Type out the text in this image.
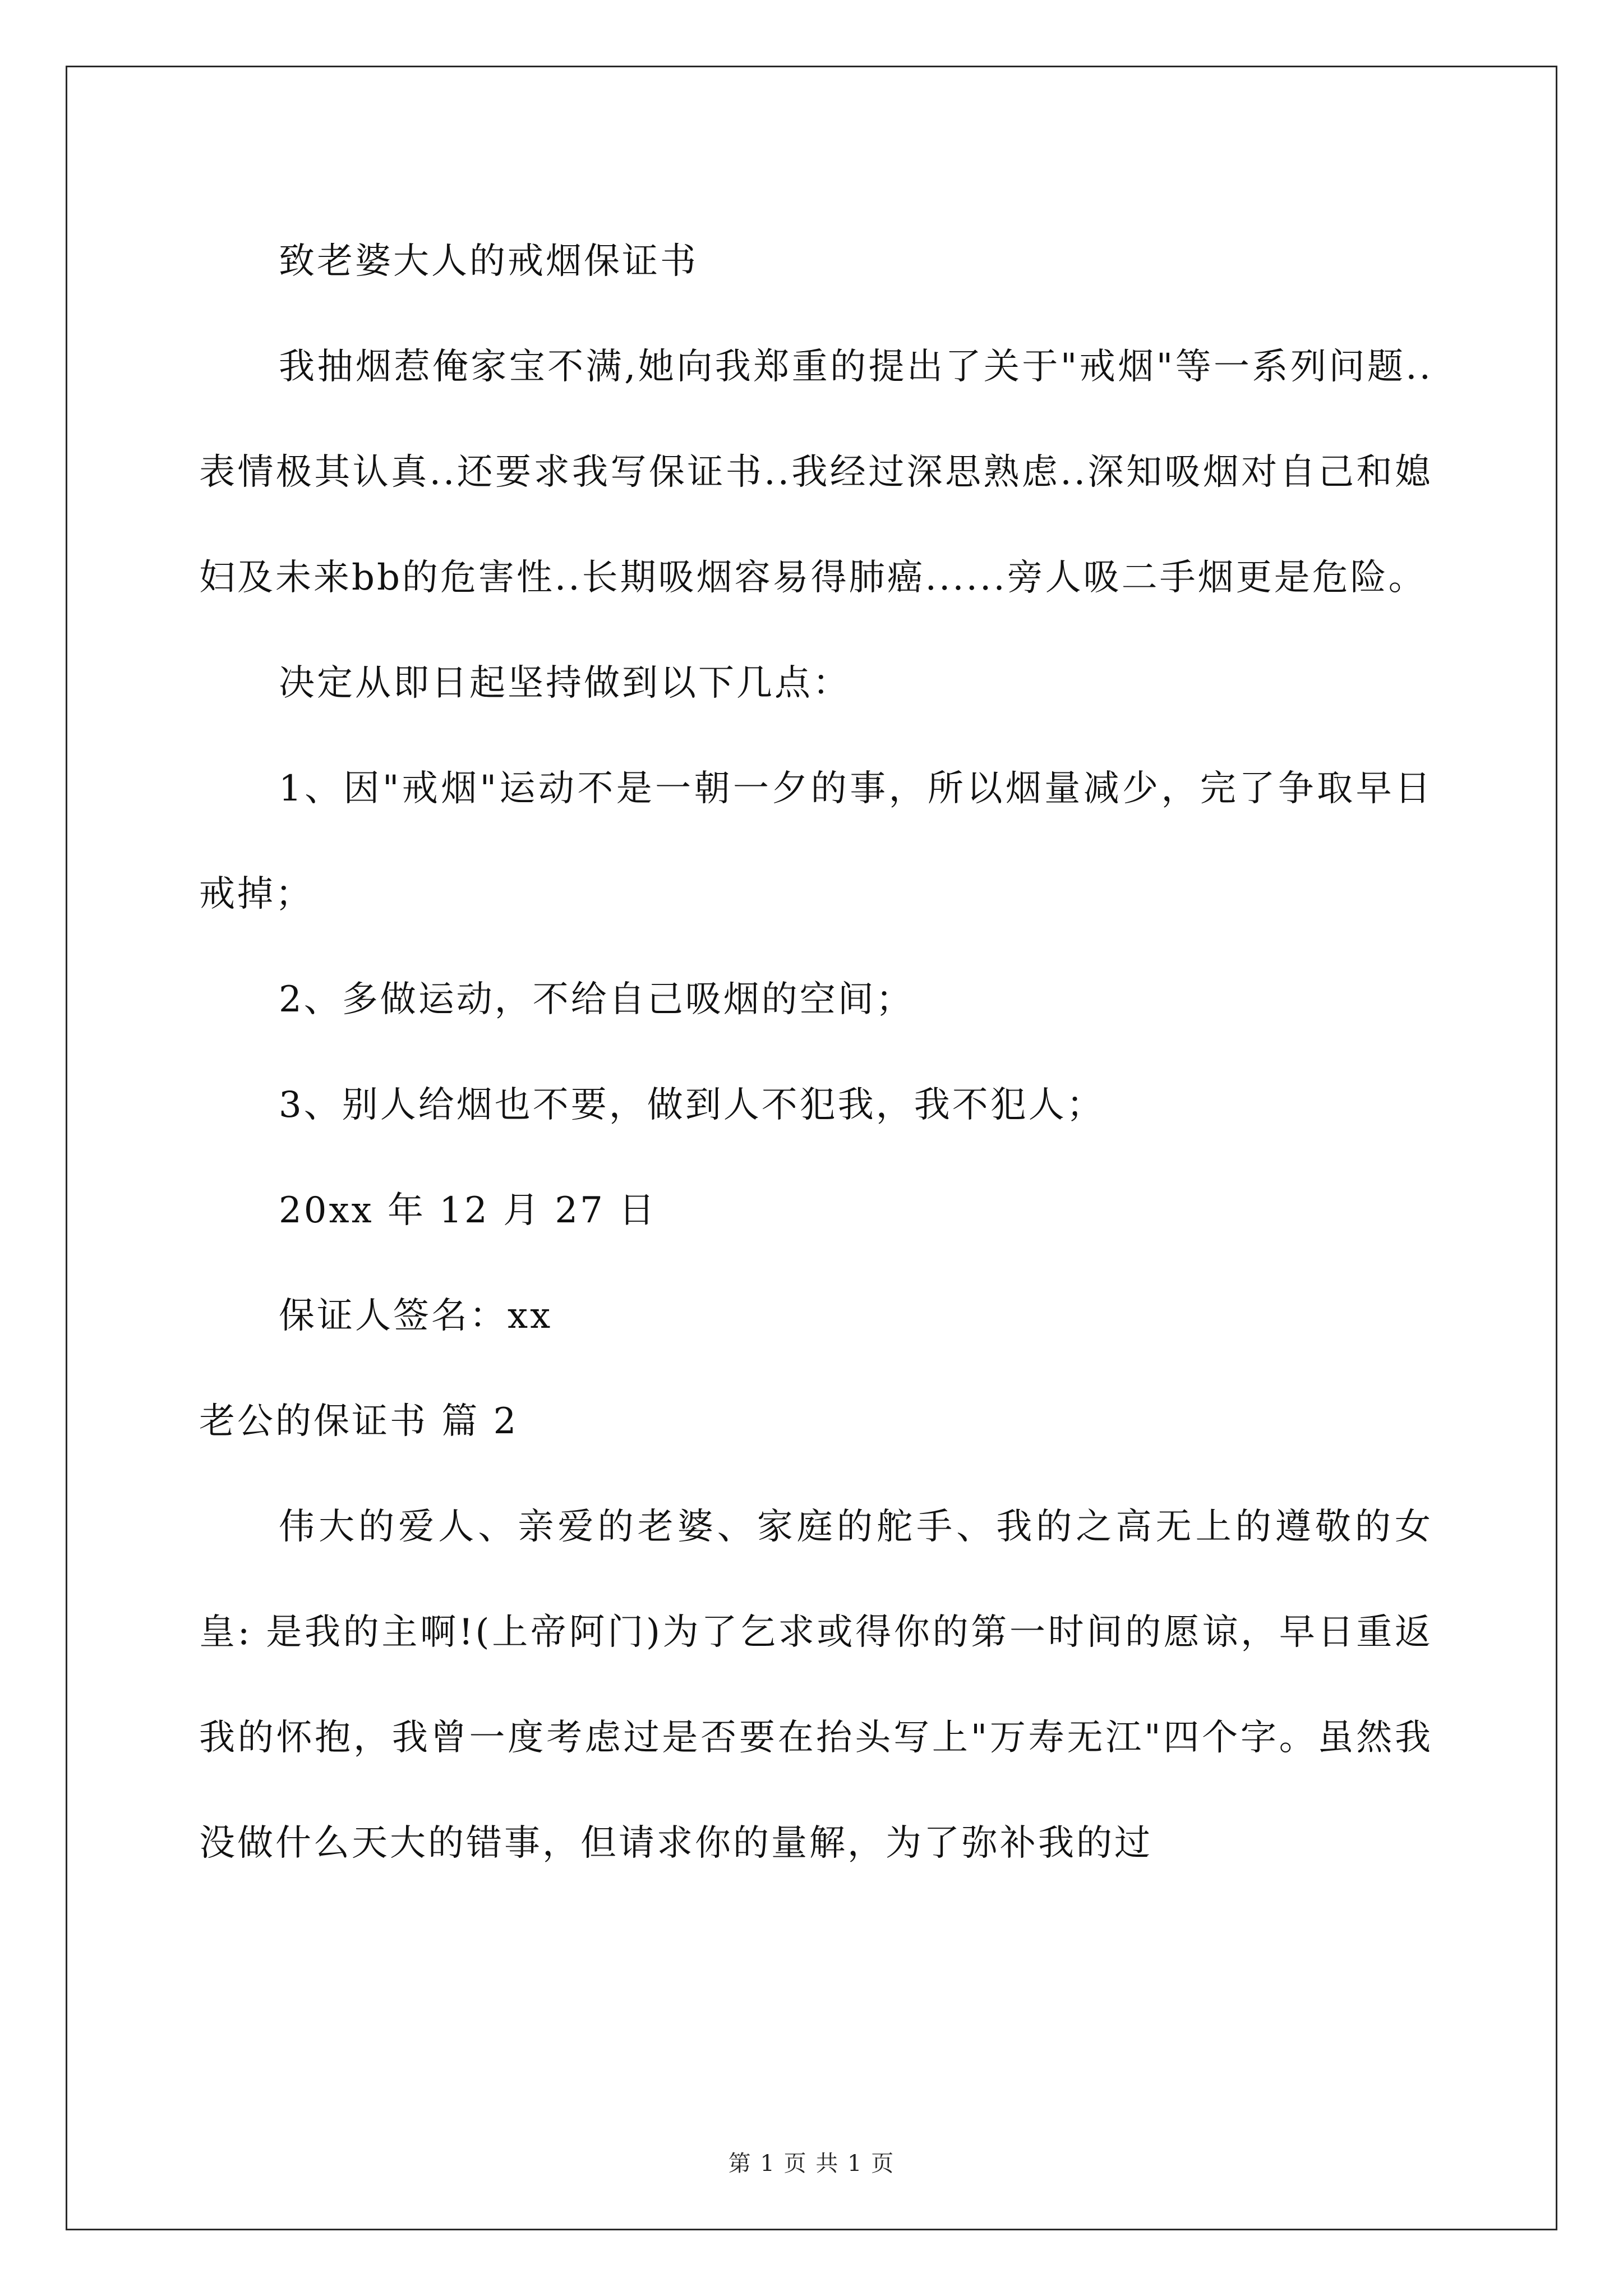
致老婆大人的戒烟保证书

我抽烟惹俺家宝不满,她向我郑重的提出了关于"戒烟"等一系列问题..表情极其认真..还要求我写保证书..我经过深思熟虑..深知吸烟对自己和媳妇及未来bb的危害性..长期吸烟容易得肺癌......旁人吸二手烟更是危险。

决定从即日起坚持做到以下几点：

1、因"戒烟"运动不是一朝一夕的事，所以烟量减少，完了争取早日戒掉；

2、多做运动，不给自己吸烟的空间；

3、别人给烟也不要，做到人不犯我，我不犯人；

20xx 年 12 月 27 日

保证人签名：xx

老公的保证书 篇 2

伟大的爱人、亲爱的老婆、家庭的舵手、我的之高无上的遵敬的女皇: 是我的主啊!(上帝阿门)为了乞求或得你的第一时间的愿谅，早日重返我的怀抱，我曾一度考虑过是否要在抬头写上"万寿无江"四个字。虽然我没做什么天大的错事，但请求你的量解，为了弥补我的过

第 1 页 共 1 页
